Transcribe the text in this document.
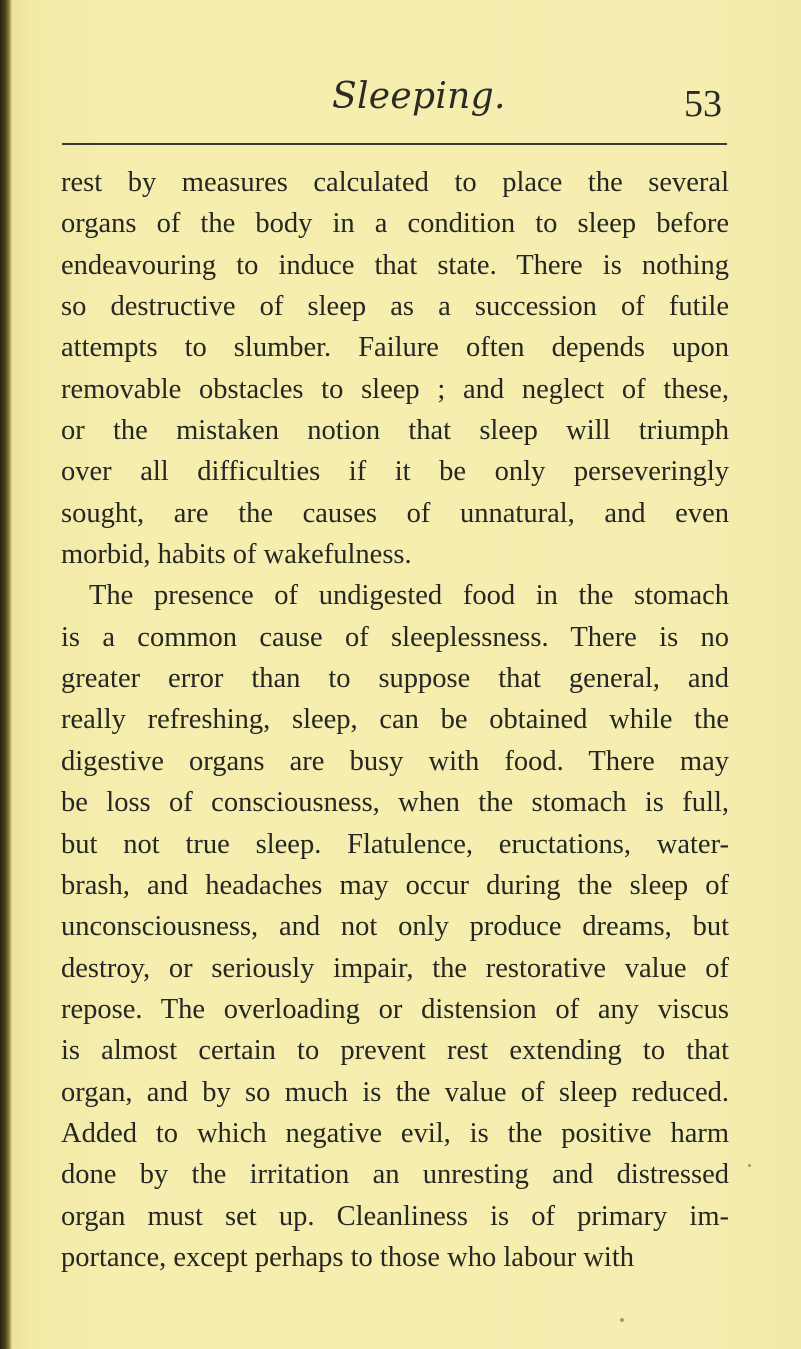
Sleeping.	53
rest by measures calculated to place the several
organs of the body in a condition to sleep before
endeavouring to induce that state. There is nothing
so destructive of sleep as a succession of futile
attempts to slumber. Failure often depends upon
removable obstacles to sleep ; and neglect of these,
or the mistaken notion that sleep will triumph
over all difficulties if it be only perseveringly
sought, are the causes of unnatural, and even
morbid, habits of wakefulness.
The presence of undigested food in the stomach
is a common cause of sleeplessness. There is no
greater error than to suppose that general, and
really refreshing, sleep, can be obtained while the
digestive organs are busy with food. There may
be loss of consciousness, when the stomach is full,
but not true sleep. Flatulence, eructations, water-
brash, and headaches may occur during the sleep of
unconsciousness, and not only produce dreams, but
destroy, or seriously impair, the restorative value of
repose. The overloading or distension of any viscus
is almost certain to prevent rest extending to that
organ, and by so much is the value of sleep reduced.
Added to which negative evil, is the positive harm
done by the irritation an unresting and distressed
organ must set up. Cleanliness is of primary im-
portance, except perhaps to those who labour with
